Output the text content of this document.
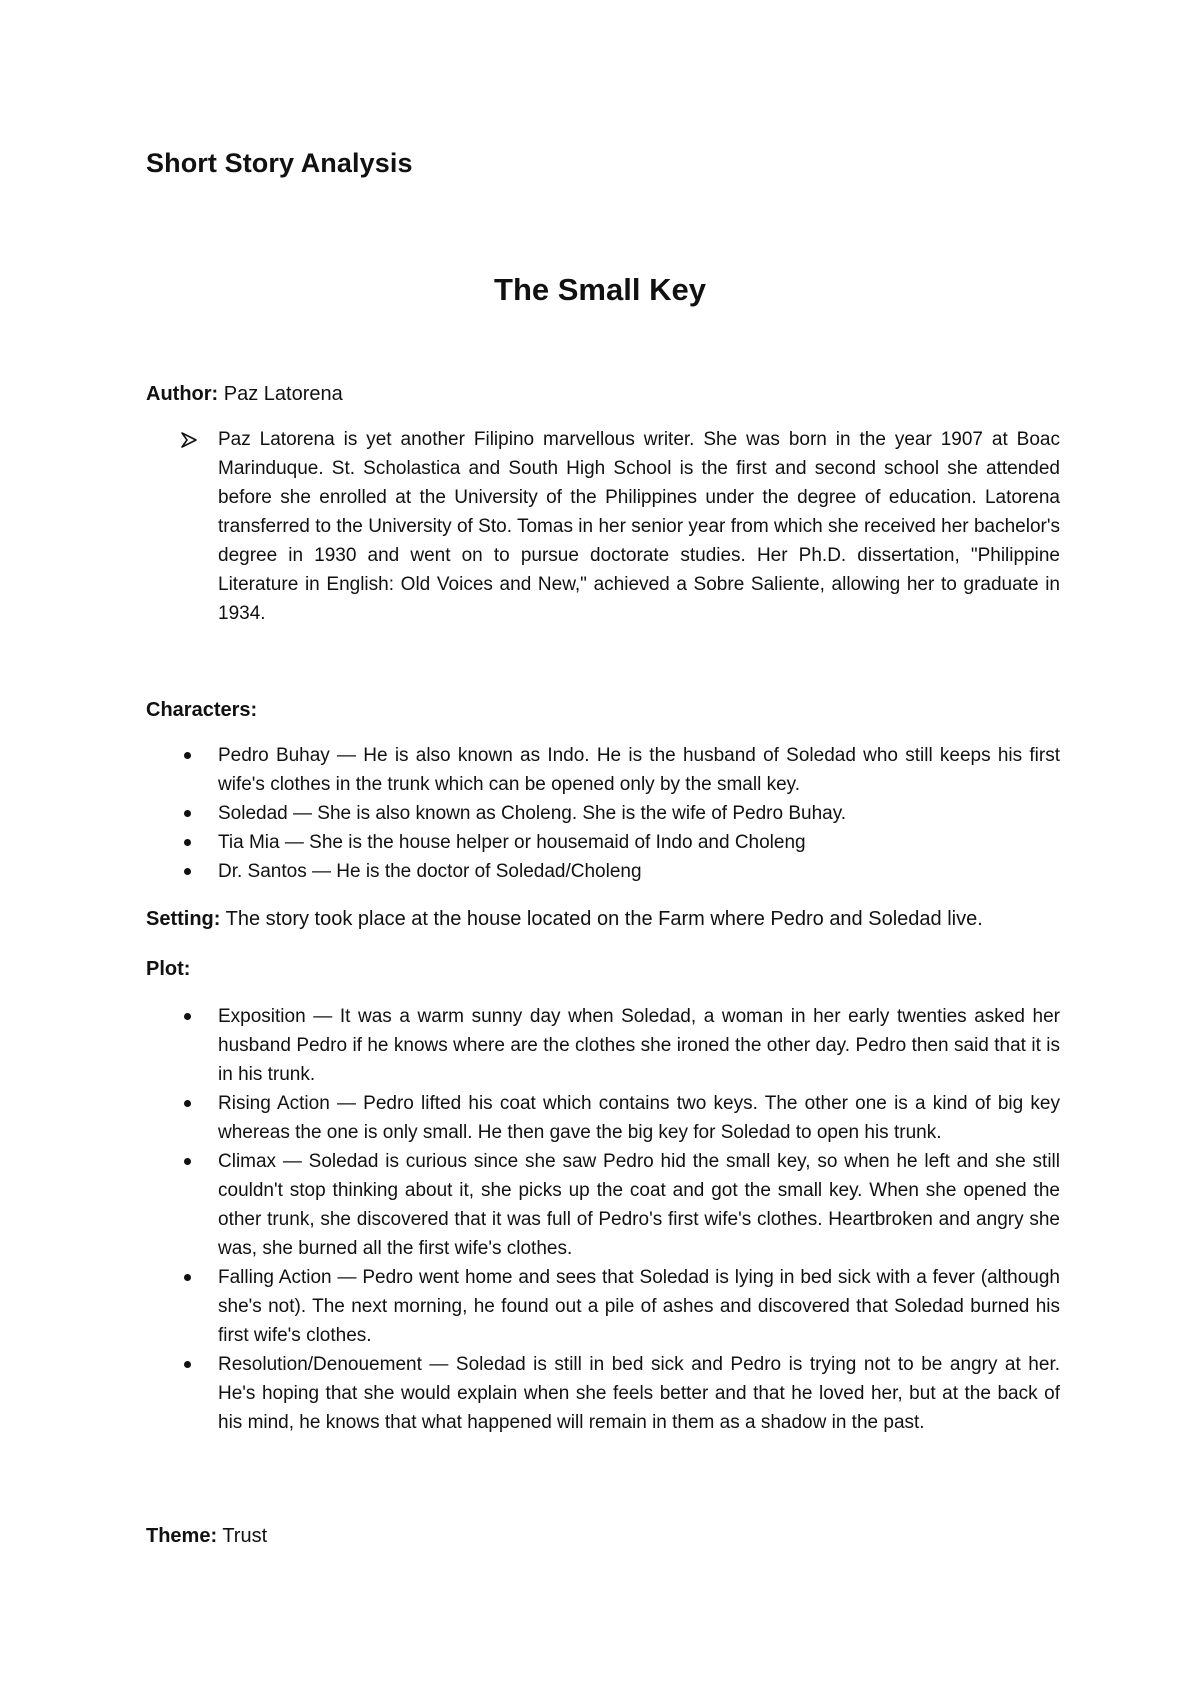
Short Story Analysis
The Small Key
Author: Paz Latorena
Paz Latorena is yet another Filipino marvellous writer. She was born in the year 1907 at Boac Marinduque. St. Scholastica and South High School is the first and second school she attended before she enrolled at the University of the Philippines under the degree of education. Latorena transferred to the University of Sto. Tomas in her senior year from which she received her bachelor's degree in 1930 and went on to pursue doctorate studies. Her Ph.D. dissertation, "Philippine Literature in English: Old Voices and New," achieved a Sobre Saliente, allowing her to graduate in 1934.
Characters:
Pedro Buhay — He is also known as Indo. He is the husband of Soledad who still keeps his first wife's clothes in the trunk which can be opened only by the small key.
Soledad — She is also known as Choleng. She is the wife of Pedro Buhay.
Tia Mia — She is the house helper or housemaid of Indo and Choleng
Dr. Santos — He is the doctor of Soledad/Choleng
Setting: The story took place at the house located on the Farm where Pedro and Soledad live.
Plot:
Exposition — It was a warm sunny day when Soledad, a woman in her early twenties asked her husband Pedro if he knows where are the clothes she ironed the other day. Pedro then said that it is in his trunk.
Rising Action — Pedro lifted his coat which contains two keys. The other one is a kind of big key whereas the one is only small. He then gave the big key for Soledad to open his trunk.
Climax — Soledad is curious since she saw Pedro hid the small key, so when he left and she still couldn't stop thinking about it, she picks up the coat and got the small key. When she opened the other trunk, she discovered that it was full of Pedro's first wife's clothes. Heartbroken and angry she was, she burned all the first wife's clothes.
Falling Action — Pedro went home and sees that Soledad is lying in bed sick with a fever (although she's not). The next morning, he found out a pile of ashes and discovered that Soledad burned his first wife's clothes.
Resolution/Denouement — Soledad is still in bed sick and Pedro is trying not to be angry at her. He's hoping that she would explain when she feels better and that he loved her, but at the back of his mind, he knows that what happened will remain in them as a shadow in the past.
Theme: Trust
